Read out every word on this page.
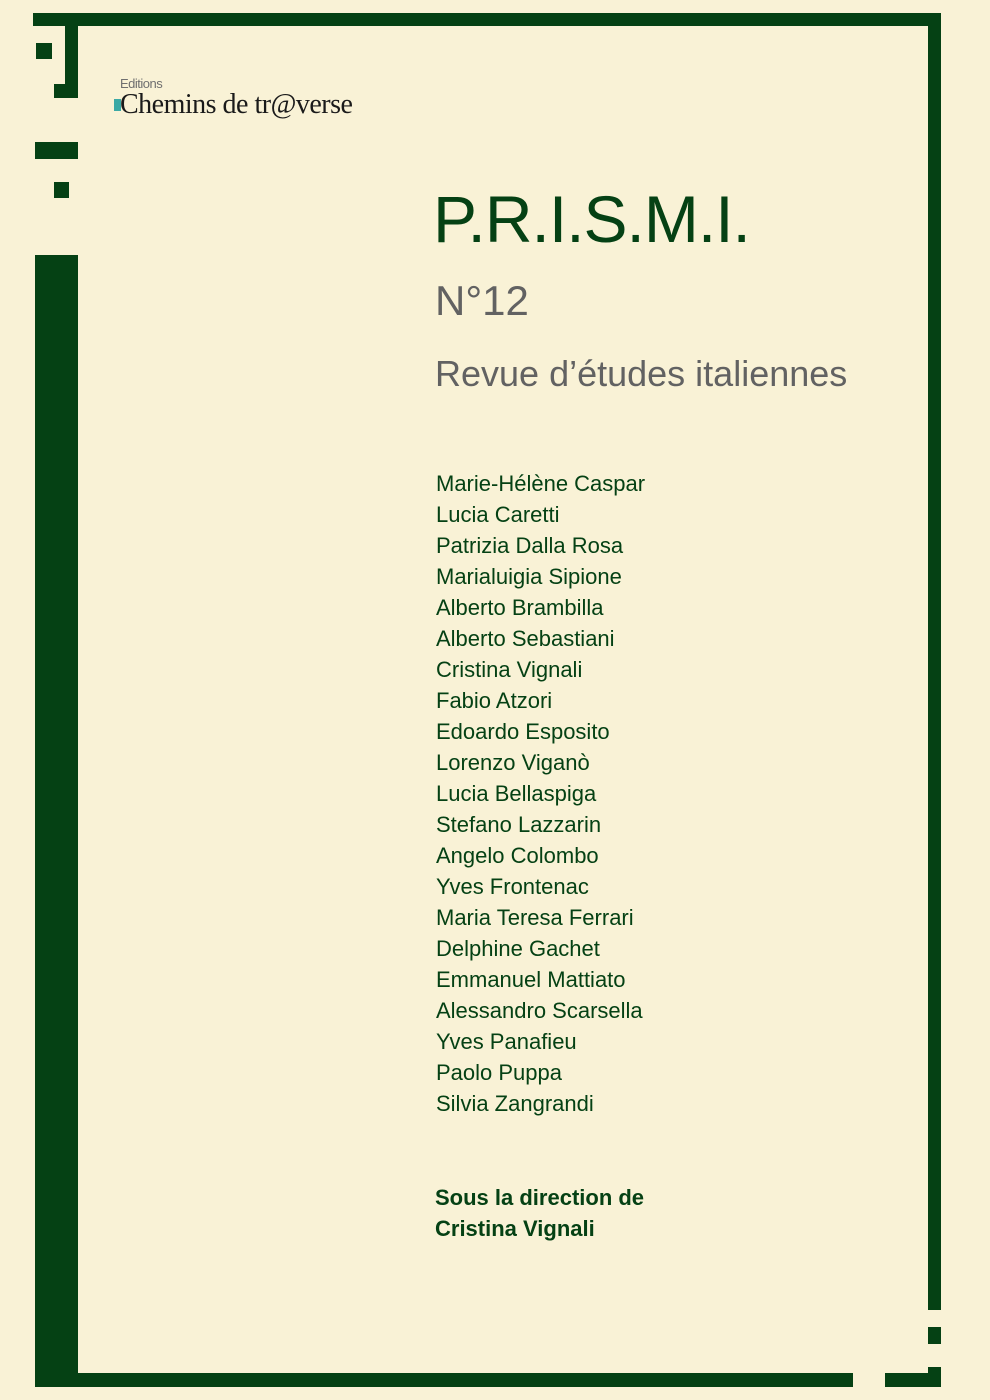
Editions
Chemins de tr@verse
P.R.I.S.M.I.
N°12
Revue d’études italiennes
Marie-Hélène Caspar
Lucia Caretti
Patrizia Dalla Rosa
Marialuigia Sipione
Alberto Brambilla
Alberto Sebastiani
Cristina Vignali
Fabio Atzori
Edoardo Esposito
Lorenzo Viganò
Lucia Bellaspiga
Stefano Lazzarin
Angelo Colombo
Yves Frontenac
Maria Teresa Ferrari
Delphine Gachet
Emmanuel Mattiato
Alessandro Scarsella
Yves Panafieu
Paolo Puppa
Silvia Zangrandi
Sous la direction de
Cristina Vignali
